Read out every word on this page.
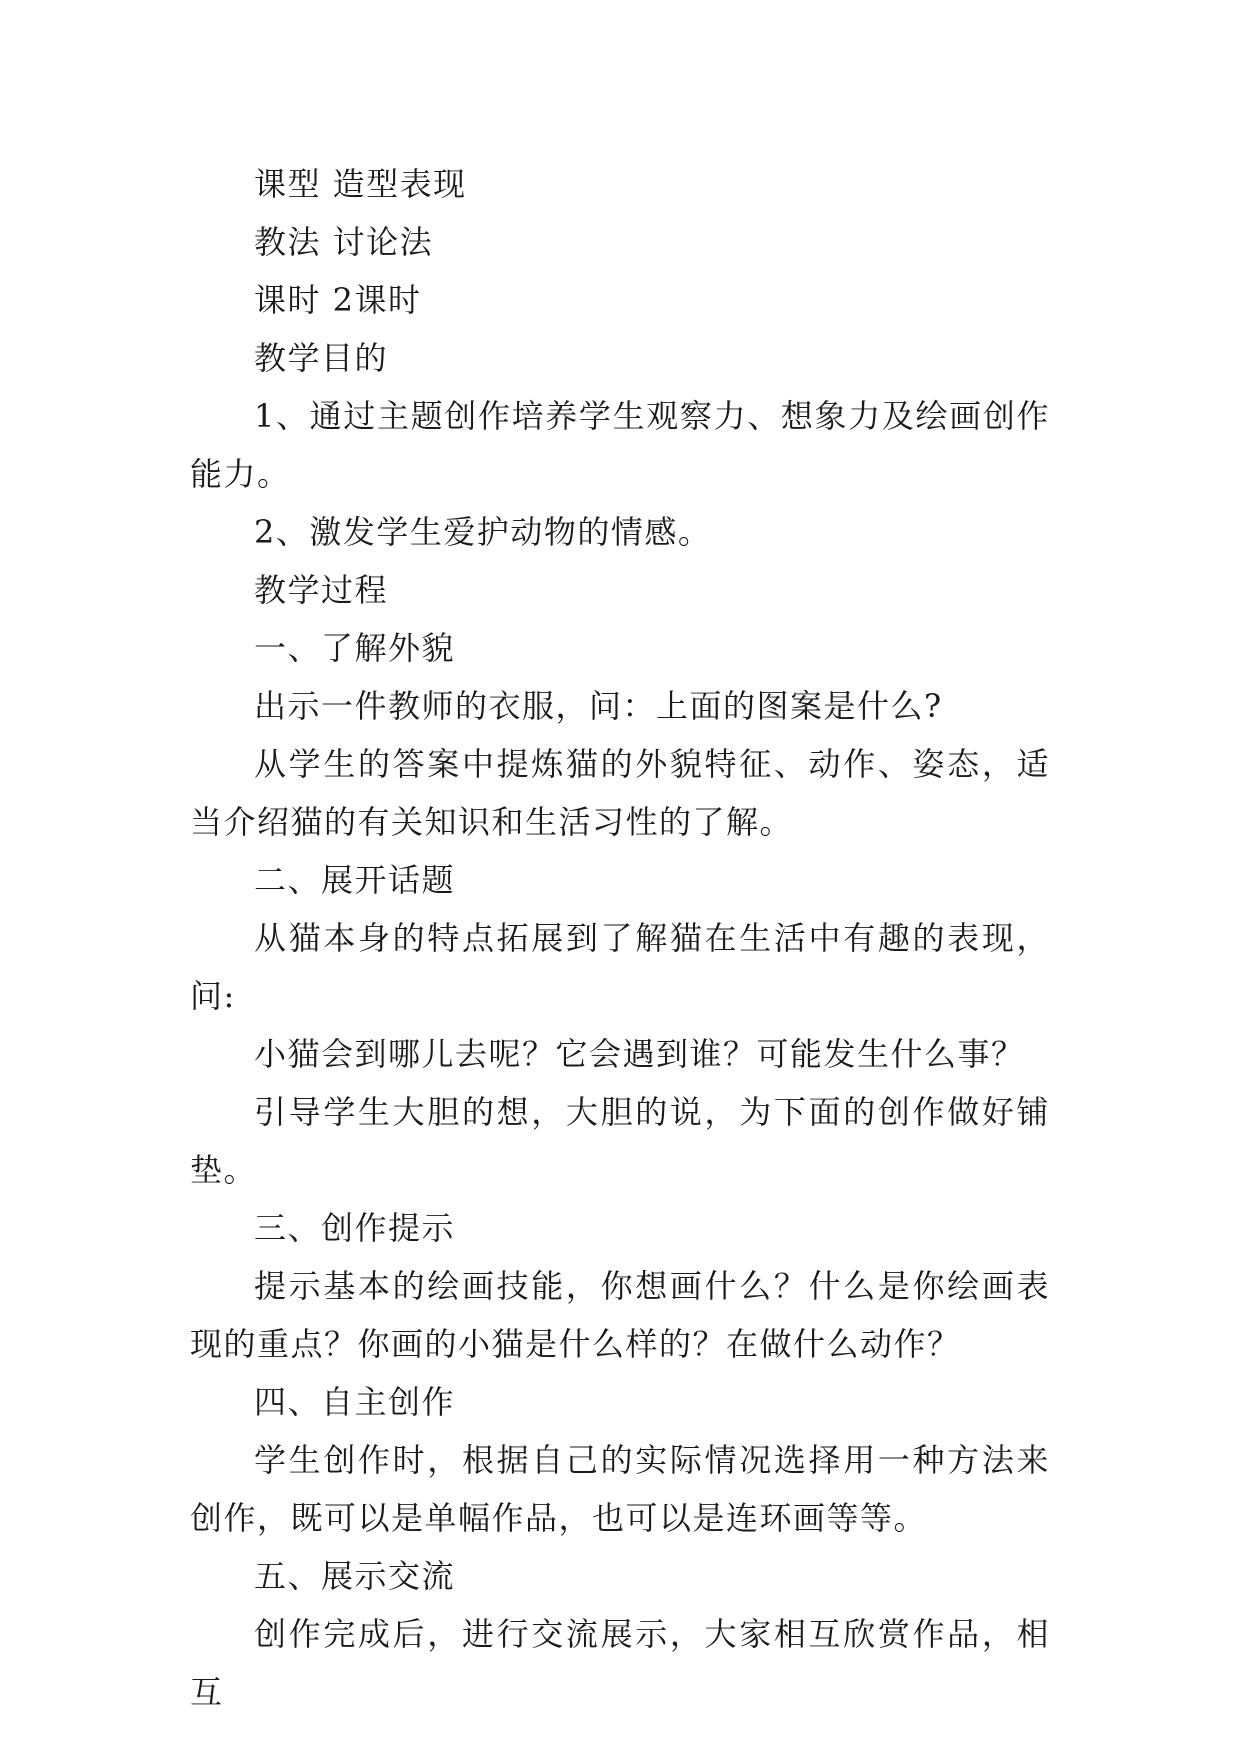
课型 造型表现

教法 讨论法

课时 2课时

教学目的

1、通过主题创作培养学生观察力、想象力及绘画创作能力。

2、激发学生爱护动物的情感。

教学过程

一、了解外貌

出示一件教师的衣服，问：上面的图案是什么?

从学生的答案中提炼猫的外貌特征、动作、姿态，适当介绍猫的有关知识和生活习性的了解。

二、展开话题

从猫本身的特点拓展到了解猫在生活中有趣的表现，问:

小猫会到哪儿去呢？它会遇到谁？可能发生什么事？

引导学生大胆的想，大胆的说，为下面的创作做好铺垫。

三、创作提示

提示基本的绘画技能，你想画什么？什么是你绘画表现的重点？你画的小猫是什么样的？在做什么动作？

四、自主创作

学生创作时，根据自己的实际情况选择用一种方法来创作，既可以是单幅作品，也可以是连环画等等。

五、展示交流

创作完成后，进行交流展示，大家相互欣赏作品，相互
